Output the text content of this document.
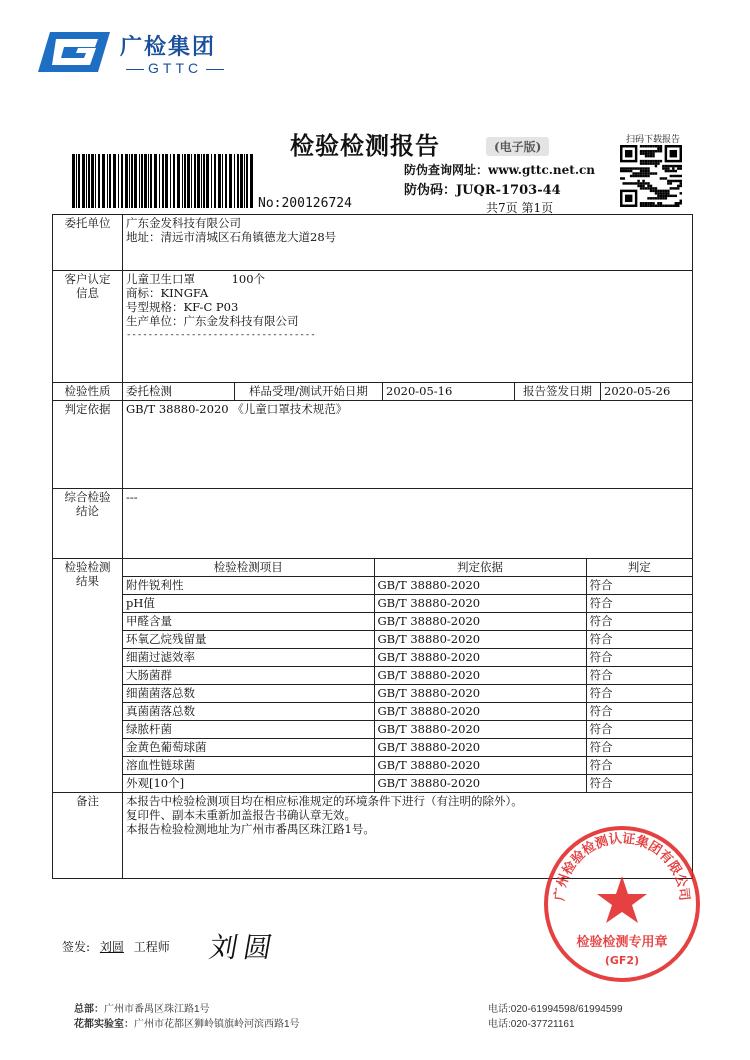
广检集团
GTTC
检验检测报告	(电子版)
防伪查询网址：www.gttc.net.cn
防伪码：JUQR-1703-44
共7页 第1页
扫码下载报告
No:200126724
委托单位	广东金发科技有限公司
地址：清远市清城区石角镇德龙大道28号

客户认定
信息

儿童卫生口罩	100个
商标：KINGFA
号型规格：KF-C P03
生产单位：广东金发科技有限公司
-----------------------------------

检验性质	委托检测	样品受理/测试开始日期	2020-05-16	报告签发日期	2020-05-26
判定依据	GB/T 38880-2020 《儿童口罩技术规范》

综合检验
结论
	---

检验检测
结果

检验检测项目	判定依据	判定
附件锐利性	GB/T 38880-2020	符合
pH值	GB/T 38880-2020	符合
甲醛含量	GB/T 38880-2020	符合
环氧乙烷残留量	GB/T 38880-2020	符合
细菌过滤效率	GB/T 38880-2020	符合
大肠菌群	GB/T 38880-2020	符合
细菌菌落总数	GB/T 38880-2020	符合
真菌菌落总数	GB/T 38880-2020	符合
绿脓杆菌	GB/T 38880-2020	符合
金黄色葡萄球菌	GB/T 38880-2020	符合
溶血性链球菌	GB/T 38880-2020	符合
外观[10个]	GB/T 38880-2020	符合

备注	本报告中检验检测项目均在相应标准规定的环境条件下进行（有注明的除外）。
复印件、副本未重新加盖报告书确认章无效。
本报告检验检测地址为广州市番禺区珠江路1号。
签发: 刘圆 工程师 刘圆
广州检验检测认证集团有限公司
检验检测专用章
(GF2)
总部：广州市番禺区珠江路1号
花都实验室：广州市花都区狮岭镇旗岭河滨西路1号
电话:020-61994598/61994599
电话:020-37721161
